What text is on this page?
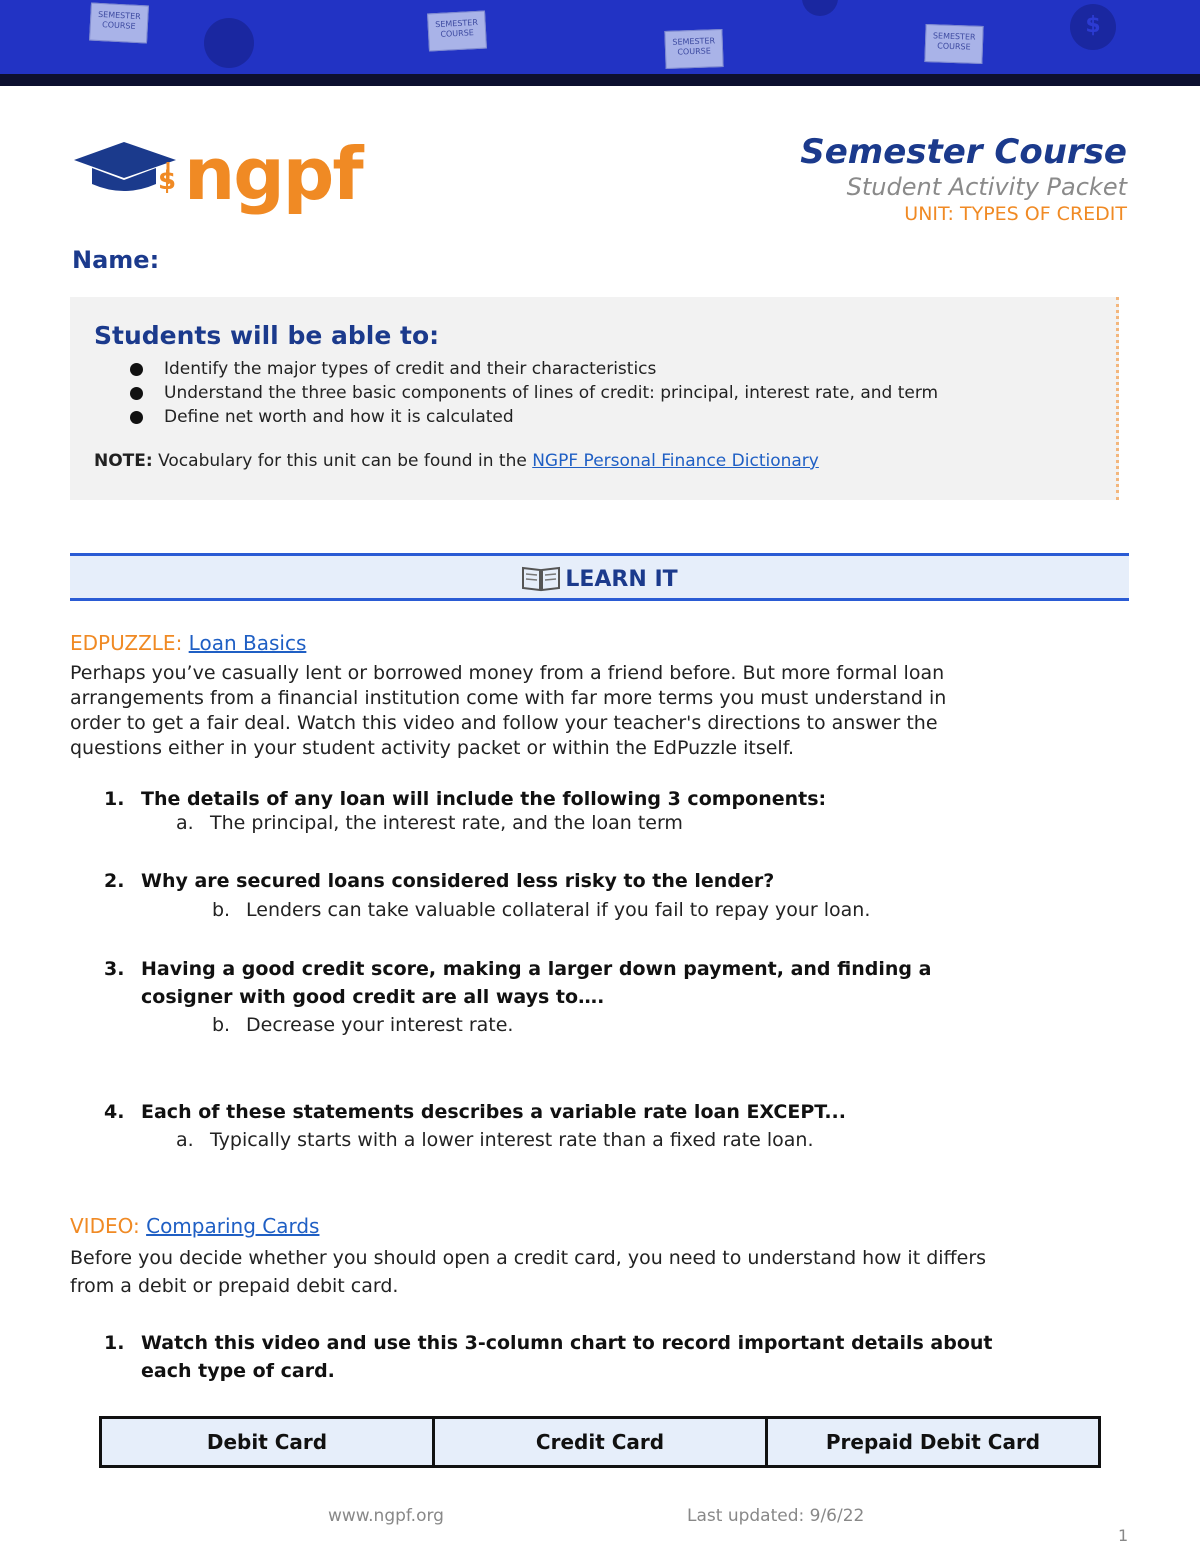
SEMESTER COURSE	SEMESTER COURSE
SEMESTER COURSE
SEMESTER COURSE
$
$ ngpf	Semester Course
Student Activity Packet
UNIT: TYPES OF CREDIT
Name:
Students will be able to:
Identify the major types of credit and their characteristics
Understand the three basic components of lines of credit: principal, interest rate, and term
Define net worth and how it is calculated
NOTE: Vocabulary for this unit can be found in the NGPF Personal Finance Dictionary
LEARN IT
EDPUZZLE: Loan Basics
Perhaps you’ve casually lent or borrowed money from a friend before. But more formal loan
arrangements from a financial institution come with far more terms you must understand in
order to get a fair deal. Watch this video and follow your teacher's directions to answer the
questions either in your student activity packet or within the EdPuzzle itself.
1. The details of any loan will include the following 3 components:
a. The principal, the interest rate, and the loan term
2. Why are secured loans considered less risky to the lender?
b. Lenders can take valuable collateral if you fail to repay your loan.
3. Having a good credit score, making a larger down payment, and finding a
cosigner with good credit are all ways to….
b. Decrease your interest rate.
4. Each of these statements describes a variable rate loan EXCEPT...
a. Typically starts with a lower interest rate than a fixed rate loan.
VIDEO: Comparing Cards
Before you decide whether you should open a credit card, you need to understand how it differs
from a debit or prepaid debit card.
1. Watch this video and use this 3-column chart to record important details about
each type of card.
Debit Card	Credit Card	Prepaid Debit Card
www.ngpf.org	Last updated: 9/6/22
1
